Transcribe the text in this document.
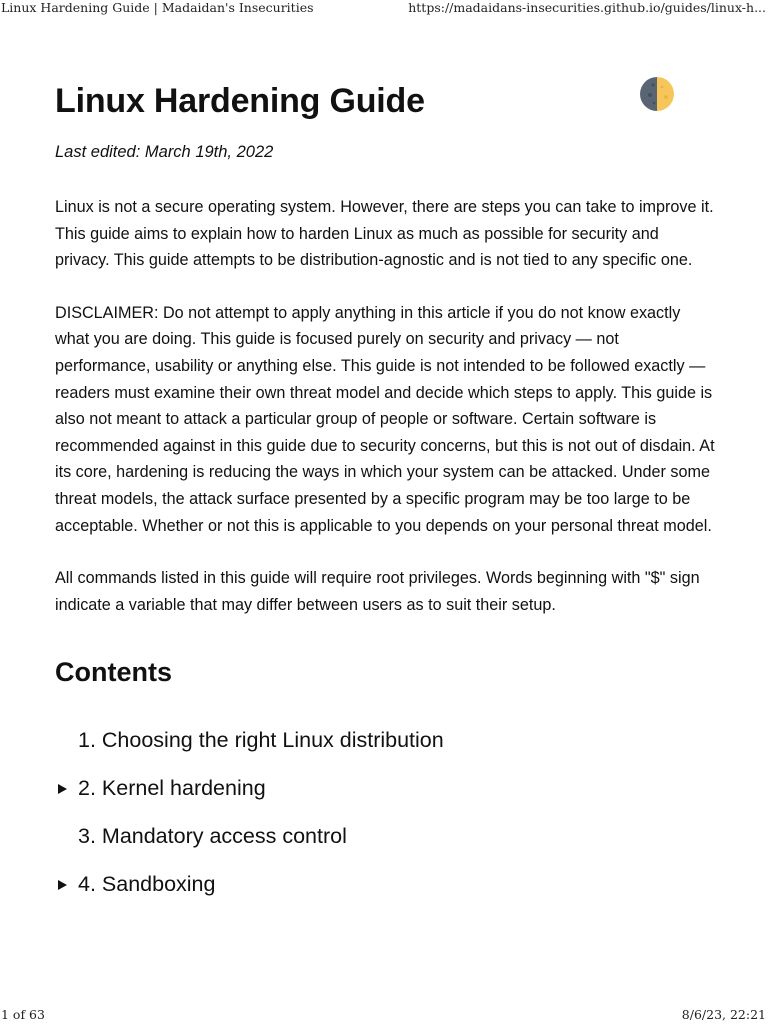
Linux Hardening Guide | Madaidan's Insecurities	https://madaidans-insecurities.github.io/guides/linux-h...
Linux Hardening Guide

Last edited: March 19th, 2022

Linux is not a secure operating system. However, there are steps you can take to improve it. This guide aims to explain how to harden Linux as much as possible for security and privacy. This guide attempts to be distribution-agnostic and is not tied to any specific one.

DISCLAIMER: Do not attempt to apply anything in this article if you do not know exactly what you are doing. This guide is focused purely on security and privacy — not performance, usability or anything else. This guide is not intended to be followed exactly — readers must examine their own threat model and decide which steps to apply. This guide is also not meant to attack a particular group of people or software. Certain software is recommended against in this guide due to security concerns, but this is not out of disdain. At its core, hardening is reducing the ways in which your system can be attacked. Under some threat models, the attack surface presented by a specific program may be too large to be acceptable. Whether or not this is applicable to you depends on your personal threat model.

All commands listed in this guide will require root privileges. Words beginning with "$" sign indicate a variable that may differ between users as to suit their setup.

Contents
1. Choosing the right Linux distribution
2. Kernel hardening
3. Mandatory access control
4. Sandboxing
1 of 63	8/6/23, 22:21
